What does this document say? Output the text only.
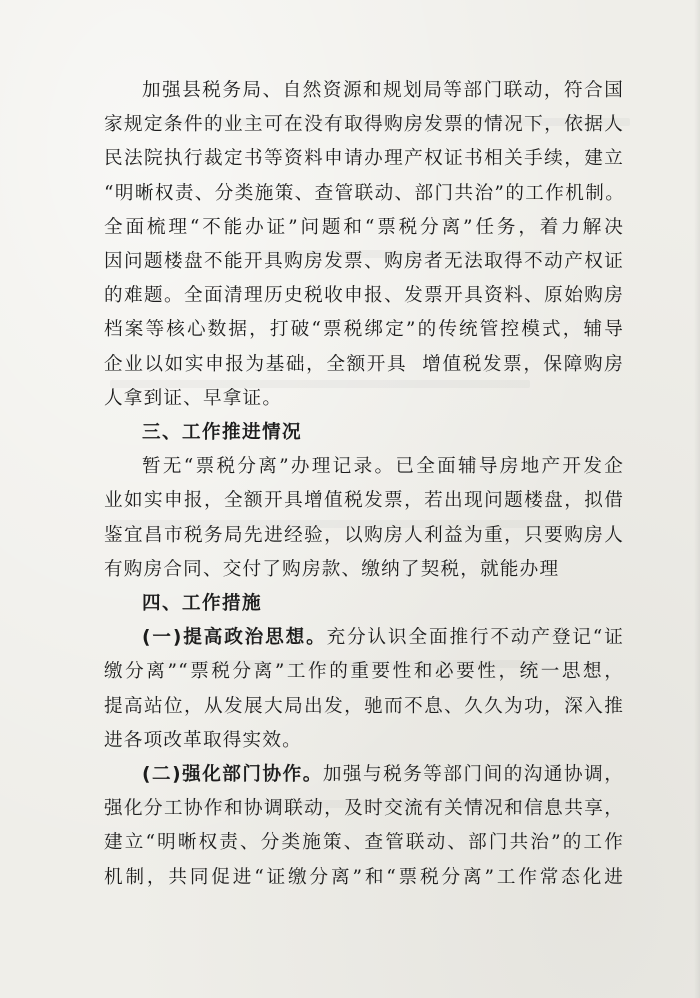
加强县税务局、自然资源和规划局等部门联动，符合国
家规定条件的业主可在没有取得购房发票的情况下，依据人
民法院执行裁定书等资料申请办理产权证书相关手续，建立
“明晰权责、分类施策、查管联动、部门共治”的工作机制。
全面梳理“不能办证”问题和“票税分离”任务，着力解决
因问题楼盘不能开具购房发票、购房者无法取得不动产权证
的难题。全面清理历史税收申报、发票开具资料、原始购房
档案等核心数据，打破“票税绑定”的传统管控模式，辅导
企业以如实申报为基础，全额开具  增值税发票，保障购房
人拿到证、早拿证。
三、工作推进情况
暂无“票税分离”办理记录。已全面辅导房地产开发企
业如实申报，全额开具增值税发票，若出现问题楼盘，拟借
鉴宜昌市税务局先进经验，以购房人利益为重，只要购房人
有购房合同、交付了购房款、缴纳了契税，就能办理
四、工作措施
(一)提高政治思想。充分认识全面推行不动产登记“证
缴分离”“票税分离”工作的重要性和必要性，统一思想，
提高站位，从发展大局出发，驰而不息、久久为功，深入推
进各项改革取得实效。
(二)强化部门协作。加强与税务等部门间的沟通协调，
强化分工协作和协调联动，及时交流有关情况和信息共享，
建立“明晰权责、分类施策、查管联动、部门共治”的工作
机制，共同促进“证缴分离”和“票税分离”工作常态化进
